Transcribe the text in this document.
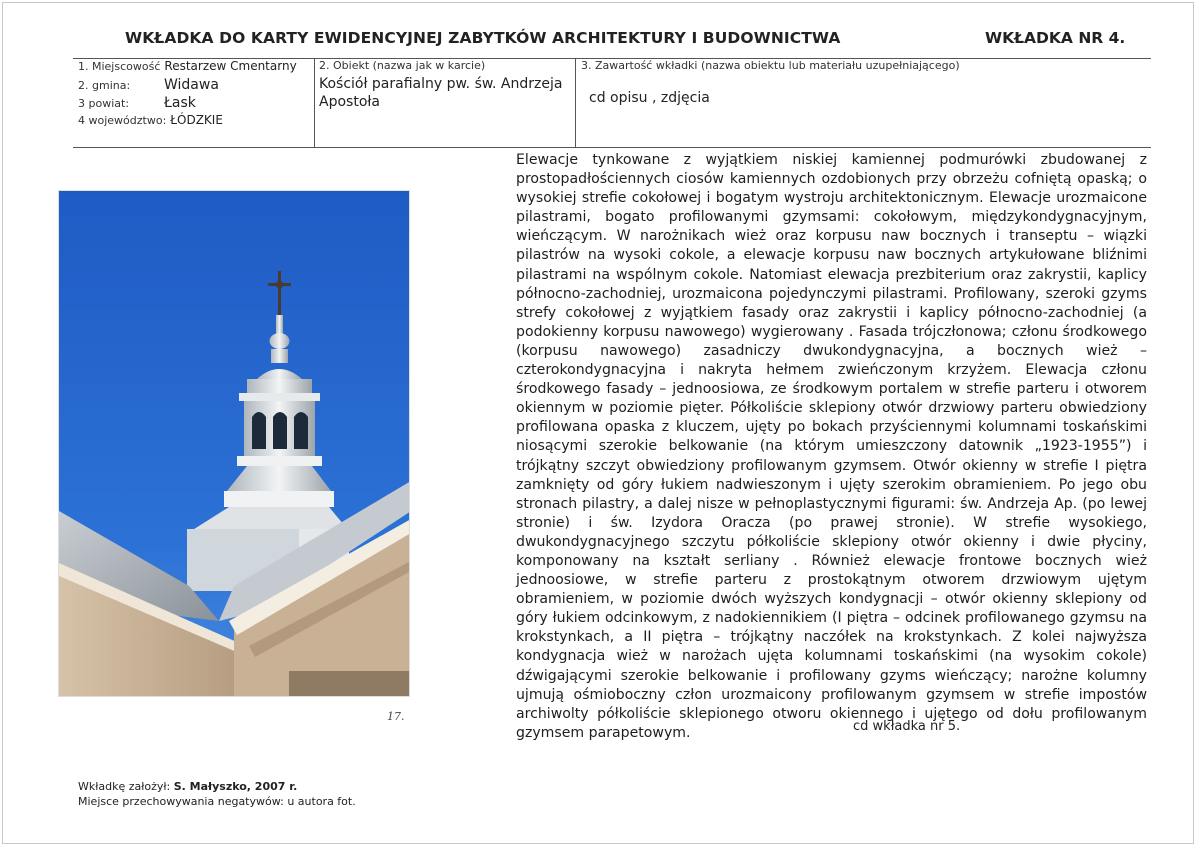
WKŁADKA DO KARTY EWIDENCYJNEJ ZABYTKÓW ARCHITEKTURY I BUDOWNICTWA	WKŁADKA NR 4.
1. Miejscowość Restarzew Cmentarny
2. gmina:	Widawa
3 powiat:	Łask
4 województwo: ŁÓDZKIE
2. Obiekt (nazwa jak w karcie)
Kościół parafialny pw. św. Andrzeja Apostoła
3. Zawartość wkładki (nazwa obiektu lub materiału uzupełniającego)
cd opisu , zdjęcia
17.
Elewacje tynkowane z wyjątkiem niskiej kamiennej podmurówki zbudowanej z prostopadłościennych ciosów kamiennych ozdobionych przy obrzeżu cofniętą opaską; o wysokiej strefie cokołowej i bogatym wystroju architektonicznym. Elewacje urozmaicone pilastrami, bogato profilowanymi gzymsami: cokołowym, międzykondygnacyjnym, wieńczącym. W narożnikach wież oraz korpusu naw bocznych i transeptu – wiązki pilastrów na wysoki cokole, a elewacje korpusu naw bocznych artykułowane bliźnimi pilastrami na wspólnym cokole. Natomiast elewacja prezbiterium oraz zakrystii, kaplicy północno-zachodniej, urozmaicona pojedynczymi pilastrami. Profilowany, szeroki gzyms strefy cokołowej z wyjątkiem fasady oraz zakrystii i kaplicy północno-zachodniej (a podokienny korpusu nawowego) wygierowany . Fasada trójczłonowa; członu środkowego (korpusu nawowego) zasadniczy dwukondygnacyjna, a bocznych wież – czterokondygnacyjna i nakryta hełmem zwieńczonym krzyżem. Elewacja członu środkowego fasady – jednoosiowa, ze środkowym portalem w strefie parteru i otworem okiennym w poziomie pięter. Półkoliście sklepiony otwór drzwiowy parteru obwiedziony profilowana opaska z kluczem, ujęty po bokach przyściennymi kolumnami toskańskimi niosącymi szerokie belkowanie (na którym umieszczony datownik „1923-1955”) i trójkątny szczyt obwiedziony profilowanym gzymsem. Otwór okienny w strefie I piętra zamknięty od góry łukiem nadwieszonym i ujęty szerokim obramieniem. Po jego obu stronach pilastry, a dalej nisze w pełnoplastycznymi figurami: św. Andrzeja Ap. (po lewej stronie) i św. Izydora Oracza (po prawej stronie). W strefie wysokiego, dwukondygnacyjnego szczytu półkoliście sklepiony otwór okienny i dwie płyciny, komponowany na kształt serliany . Również elewacje frontowe bocznych wież jednoosiowe, w strefie parteru z prostokątnym otworem drzwiowym ujętym obramieniem, w poziomie dwóch wyższych kondygnacji – otwór okienny sklepiony od góry łukiem odcinkowym, z nadokiennikiem (I piętra – odcinek profilowanego gzymsu na krokstynkach, a II piętra – trójkątny naczółek na krokstynkach. Z kolei najwyższa kondygnacja wież w narożach ujęta kolumnami toskańskimi (na wysokim cokole) dźwigającymi szerokie belkowanie i profilowany gzyms wieńczący; narożne kolumny ujmują ośmioboczny człon urozmaicony profilowanym gzymsem w strefie impostów archiwolty półkoliście sklepionego otworu okiennego i ujętego od dołu profilowanym gzymsem parapetowym.	cd wkładka nr 5.
Wkładkę założył: S. Małyszko, 2007 r.
Miejsce przechowywania negatywów: u autora fot.
